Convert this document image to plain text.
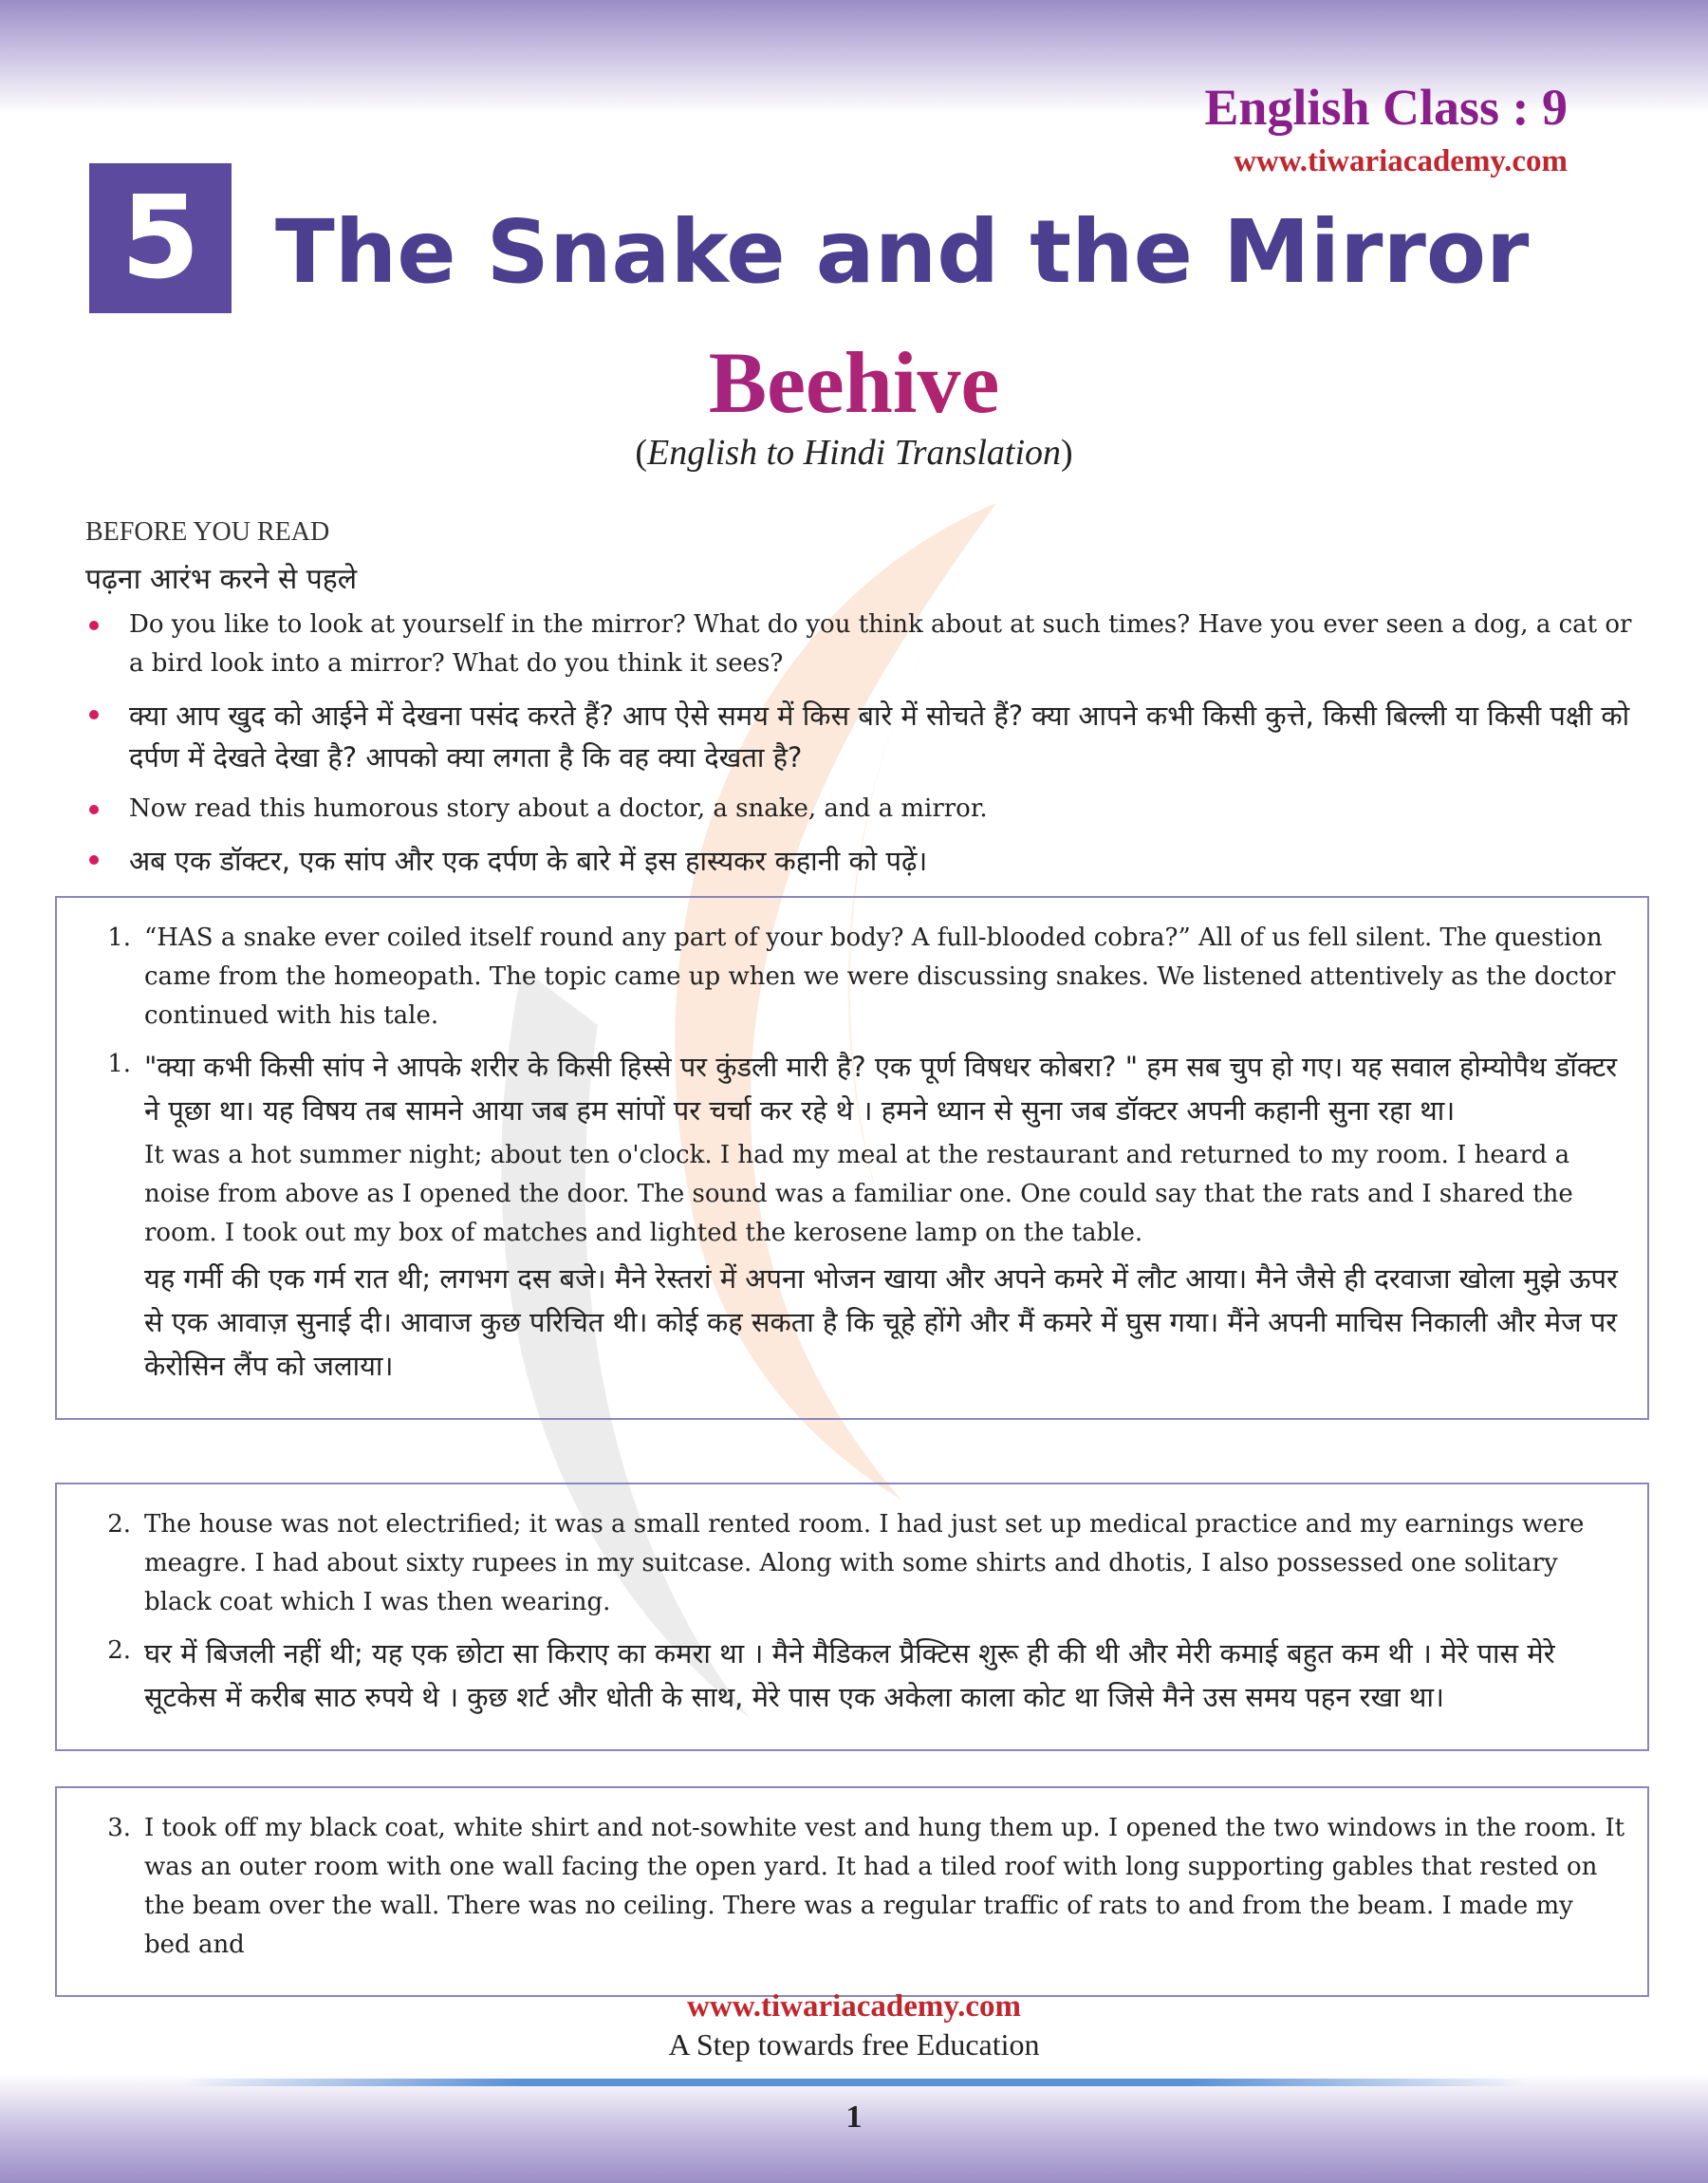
English Class : 9
www.tiwariacademy.com
5 The Snake and the Mirror
Beehive
(English to Hindi Translation)
BEFORE YOU READ
पढ़ना आरंभ करने से पहले
Do you like to look at yourself in the mirror? What do you think about at such times? Have you ever seen a dog, a cat or a bird look into a mirror? What do you think it sees?
क्या आप खुद को आईने में देखना पसंद करते हैं? आप ऐसे समय में किस बारे में सोचते हैं? क्या आपने कभी किसी कुत्ते, किसी बिल्ली या किसी पक्षी को दर्पण में देखते देखा है? आपको क्या लगता है कि वह क्या देखता है?
Now read this humorous story about a doctor, a snake, and a mirror.
अब एक डॉक्टर, एक सांप और एक दर्पण के बारे में इस हास्यकर कहानी को पढ़ें।
1. “HAS a snake ever coiled itself round any part of your body? A full-blooded cobra?” All of us fell silent. The question came from the homeopath. The topic came up when we were discussing snakes. We listened attentively as the doctor continued with his tale.

1. "क्या कभी किसी सांप ने आपके शरीर के किसी हिस्से पर कुंडली मारी है? एक पूर्ण विषधर कोबरा? " हम सब चुप हो गए। यह सवाल होम्योपैथ डॉक्टर ने पूछा था। यह विषय तब सामने आया जब हम सांपों पर चर्चा कर रहे थे । हमने ध्यान से सुना जब डॉक्टर अपनी कहानी सुना रहा था।

It was a hot summer night; about ten o'clock. I had my meal at the restaurant and returned to my room. I heard a noise from above as I opened the door. The sound was a familiar one. One could say that the rats and I shared the room. I took out my box of matches and lighted the kerosene lamp on the table.

यह गर्मी की एक गर्म रात थी; लगभग दस बजे। मैने रेस्तरां में अपना भोजन खाया और अपने कमरे में लौट आया। मैने जैसे ही दरवाजा खोला मुझे ऊपर से एक आवाज़ सुनाई दी। आवाज कुछ परिचित थी। कोई कह सकता है कि चूहे होंगे और मैं कमरे में घुस गया। मैंने अपनी माचिस निकाली और मेज पर केरोसिन लैंप को जलाया।

2. The house was not electrified; it was a small rented room. I had just set up medical practice and my earnings were meagre. I had about sixty rupees in my suitcase. Along with some shirts and dhotis, I also possessed one solitary black coat which I was then wearing.

2. घर में बिजली नहीं थी; यह एक छोटा सा किराए का कमरा था । मैने मैडिकल प्रैक्टिस शुरू ही की थी और मेरी कमाई बहुत कम थी । मेरे पास मेरे सूटकेस में करीब साठ रुपये थे । कुछ शर्ट और धोती के साथ, मेरे पास एक अकेला काला कोट था जिसे मैने उस समय पहन रखा था।

3. I took off my black coat, white shirt and not-sowhite vest and hung them up. I opened the two windows in the room. It was an outer room with one wall facing the open yard. It had a tiled roof with long supporting gables that rested on the beam over the wall. There was no ceiling. There was a regular traffic of rats to and from the beam. I made my bed and

www.tiwariacademy.com
A Step towards free Education
1
